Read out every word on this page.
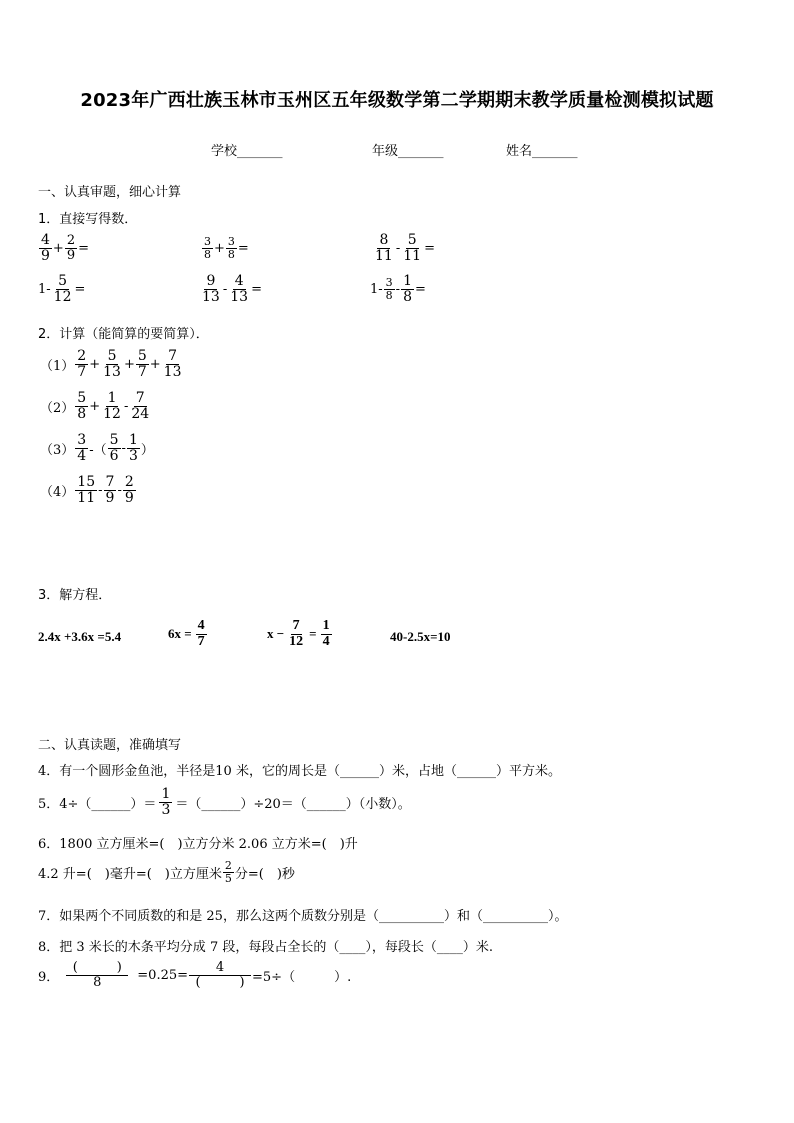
2023年广西壮族玉林市玉州区五年级数学第二学期期末教学质量检测模拟试题
学校_______	年级_______	姓名_______
一、认真审题，细心计算
1．直接写得数．
$\frac{4}{9} + \frac{2}{9}$ =	$\frac{3}{8} + \frac{3}{8}$ =	$\frac{8}{11} - \frac{5}{11}$ =
$1- \frac{5}{12}$ =	$\frac{9}{13} - \frac{4}{13}$ =	$1- \frac{3}{8} - \frac{1}{8}$ =
2．计算（能简算的要简算）．
$(1) \frac{2}{7} + \frac{5}{13} + \frac{5}{7} + \frac{7}{13}$
$(2) \frac{5}{8} + \frac{1}{12} - \frac{7}{24}$
$(3) \frac{3}{4}$ -（ $\frac{5}{6} - \frac{1}{3}$ ）
$(4) \frac{15}{11} - \frac{7}{9} - \frac{2}{9}$
3．解方程．
2.4x +3.6x =5.4	$6x = \frac{4}{7}$	$x - \frac{7}{12} = \frac{1}{4}$	40-2.5x=10
二、认真读题，准确填写
4．有一个圆形金鱼池，半径是10 米，它的周长是（______）米，占地（______）平方米。
5．4÷（______）＝ $\frac{1}{3}$ ＝（______）÷20＝（______）（小数）。
6．1800 立方厘米=(　)立方分米 2.06 立方米=(　)升
4.2 升=(　)毫升=(　)立方厘米 $\frac{2}{5}$ 分=(　)秒
7．如果两个不同质数的和是 25，那么这两个质数分别是（__________）和（__________）。
8．把 3 米长的木条平均分成 7 段，每段占全长的（____），每段长（____）米.
9． $\frac{( )}{8} =0.25= \frac{4}{( )} =5\div$（　　　）.
